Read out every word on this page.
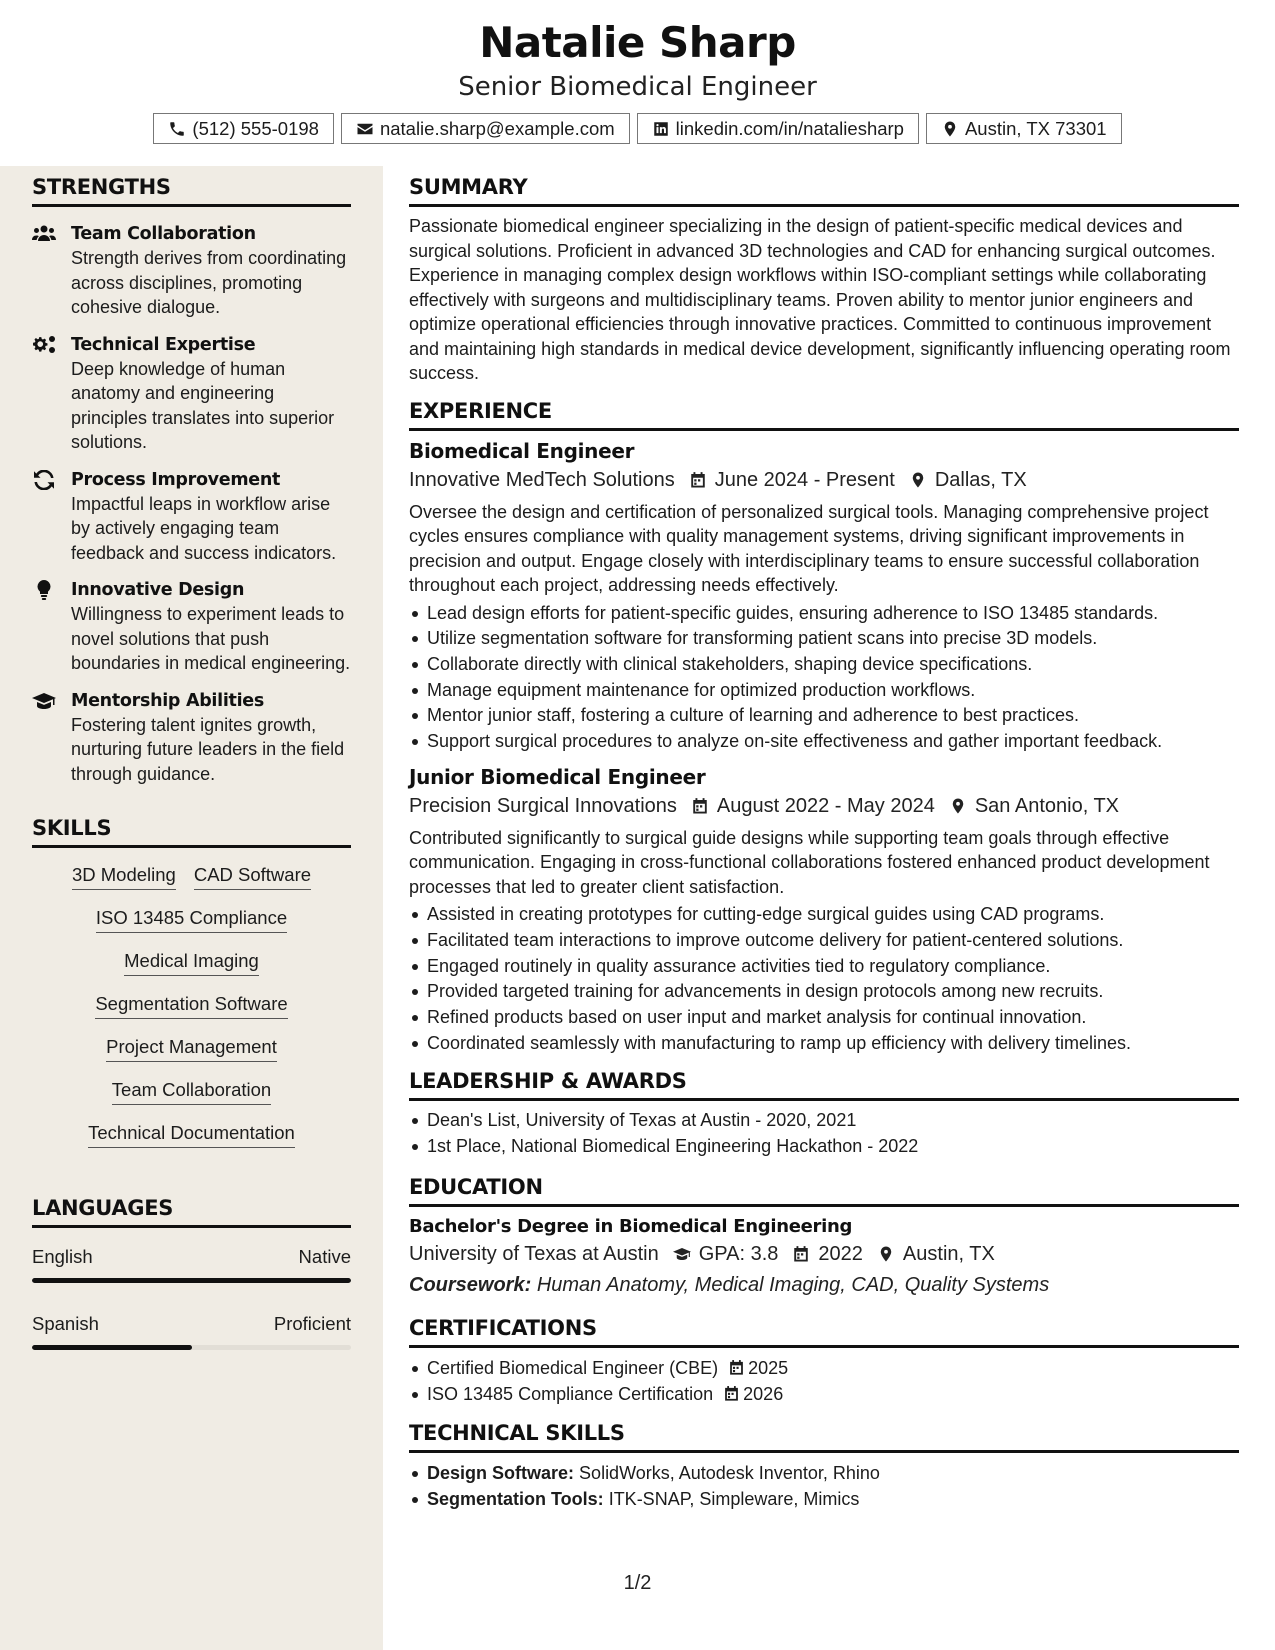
Natalie Sharp
Senior Biomedical Engineer
(512) 555-0198	natalie.sharp@example.com	linkedin.com/in/nataliesharp	Austin, TX 73301
STRENGTHS
Team Collaboration
Strength derives from coordinating across disciplines, promoting cohesive dialogue.
Technical Expertise
Deep knowledge of human anatomy and engineering principles translates into superior solutions.
Process Improvement
Impactful leaps in workflow arise by actively engaging team feedback and success indicators.
Innovative Design
Willingness to experiment leads to novel solutions that push boundaries in medical engineering.
Mentorship Abilities
Fostering talent ignites growth, nurturing future leaders in the field through guidance.
SKILLS
3D Modeling CAD Software
ISO 13485 Compliance
Medical Imaging
Segmentation Software
Project Management
Team Collaboration
Technical Documentation
LANGUAGES
English	Native
Spanish	Proficient
SUMMARY
Passionate biomedical engineer specializing in the design of patient-specific medical devices and surgical solutions. Proficient in advanced 3D technologies and CAD for enhancing surgical outcomes. Experience in managing complex design workflows within ISO-compliant settings while collaborating effectively with surgeons and multidisciplinary teams. Proven ability to mentor junior engineers and optimize operational efficiencies through innovative practices. Committed to continuous improvement and maintaining high standards in medical device development, significantly influencing operating room success.
EXPERIENCE
Biomedical Engineer
Innovative MedTech Solutions June 2024 - Present Dallas, TX
Oversee the design and certification of personalized surgical tools. Managing comprehensive project cycles ensures compliance with quality management systems, driving significant improvements in precision and output. Engage closely with interdisciplinary teams to ensure successful collaboration throughout each project, addressing needs effectively.
Lead design efforts for patient-specific guides, ensuring adherence to ISO 13485 standards.
Utilize segmentation software for transforming patient scans into precise 3D models.
Collaborate directly with clinical stakeholders, shaping device specifications.
Manage equipment maintenance for optimized production workflows.
Mentor junior staff, fostering a culture of learning and adherence to best practices.
Support surgical procedures to analyze on-site effectiveness and gather important feedback.
Junior Biomedical Engineer
Precision Surgical Innovations August 2022 - May 2024 San Antonio, TX
Contributed significantly to surgical guide designs while supporting team goals through effective communication. Engaging in cross-functional collaborations fostered enhanced product development processes that led to greater client satisfaction.
Assisted in creating prototypes for cutting-edge surgical guides using CAD programs.
Facilitated team interactions to improve outcome delivery for patient-centered solutions.
Engaged routinely in quality assurance activities tied to regulatory compliance.
Provided targeted training for advancements in design protocols among new recruits.
Refined products based on user input and market analysis for continual innovation.
Coordinated seamlessly with manufacturing to ramp up efficiency with delivery timelines.
LEADERSHIP & AWARDS
Dean's List, University of Texas at Austin - 2020, 2021
1st Place, National Biomedical Engineering Hackathon - 2022
EDUCATION
Bachelor's Degree in Biomedical Engineering
University of Texas at Austin GPA: 3.8 2022 Austin, TX
Coursework: Human Anatomy, Medical Imaging, CAD, Quality Systems
CERTIFICATIONS
Certified Biomedical Engineer (CBE) 2025
ISO 13485 Compliance Certification 2026
TECHNICAL SKILLS
Design Software: SolidWorks, Autodesk Inventor, Rhino
Segmentation Tools: ITK-SNAP, Simpleware, Mimics
1/2
